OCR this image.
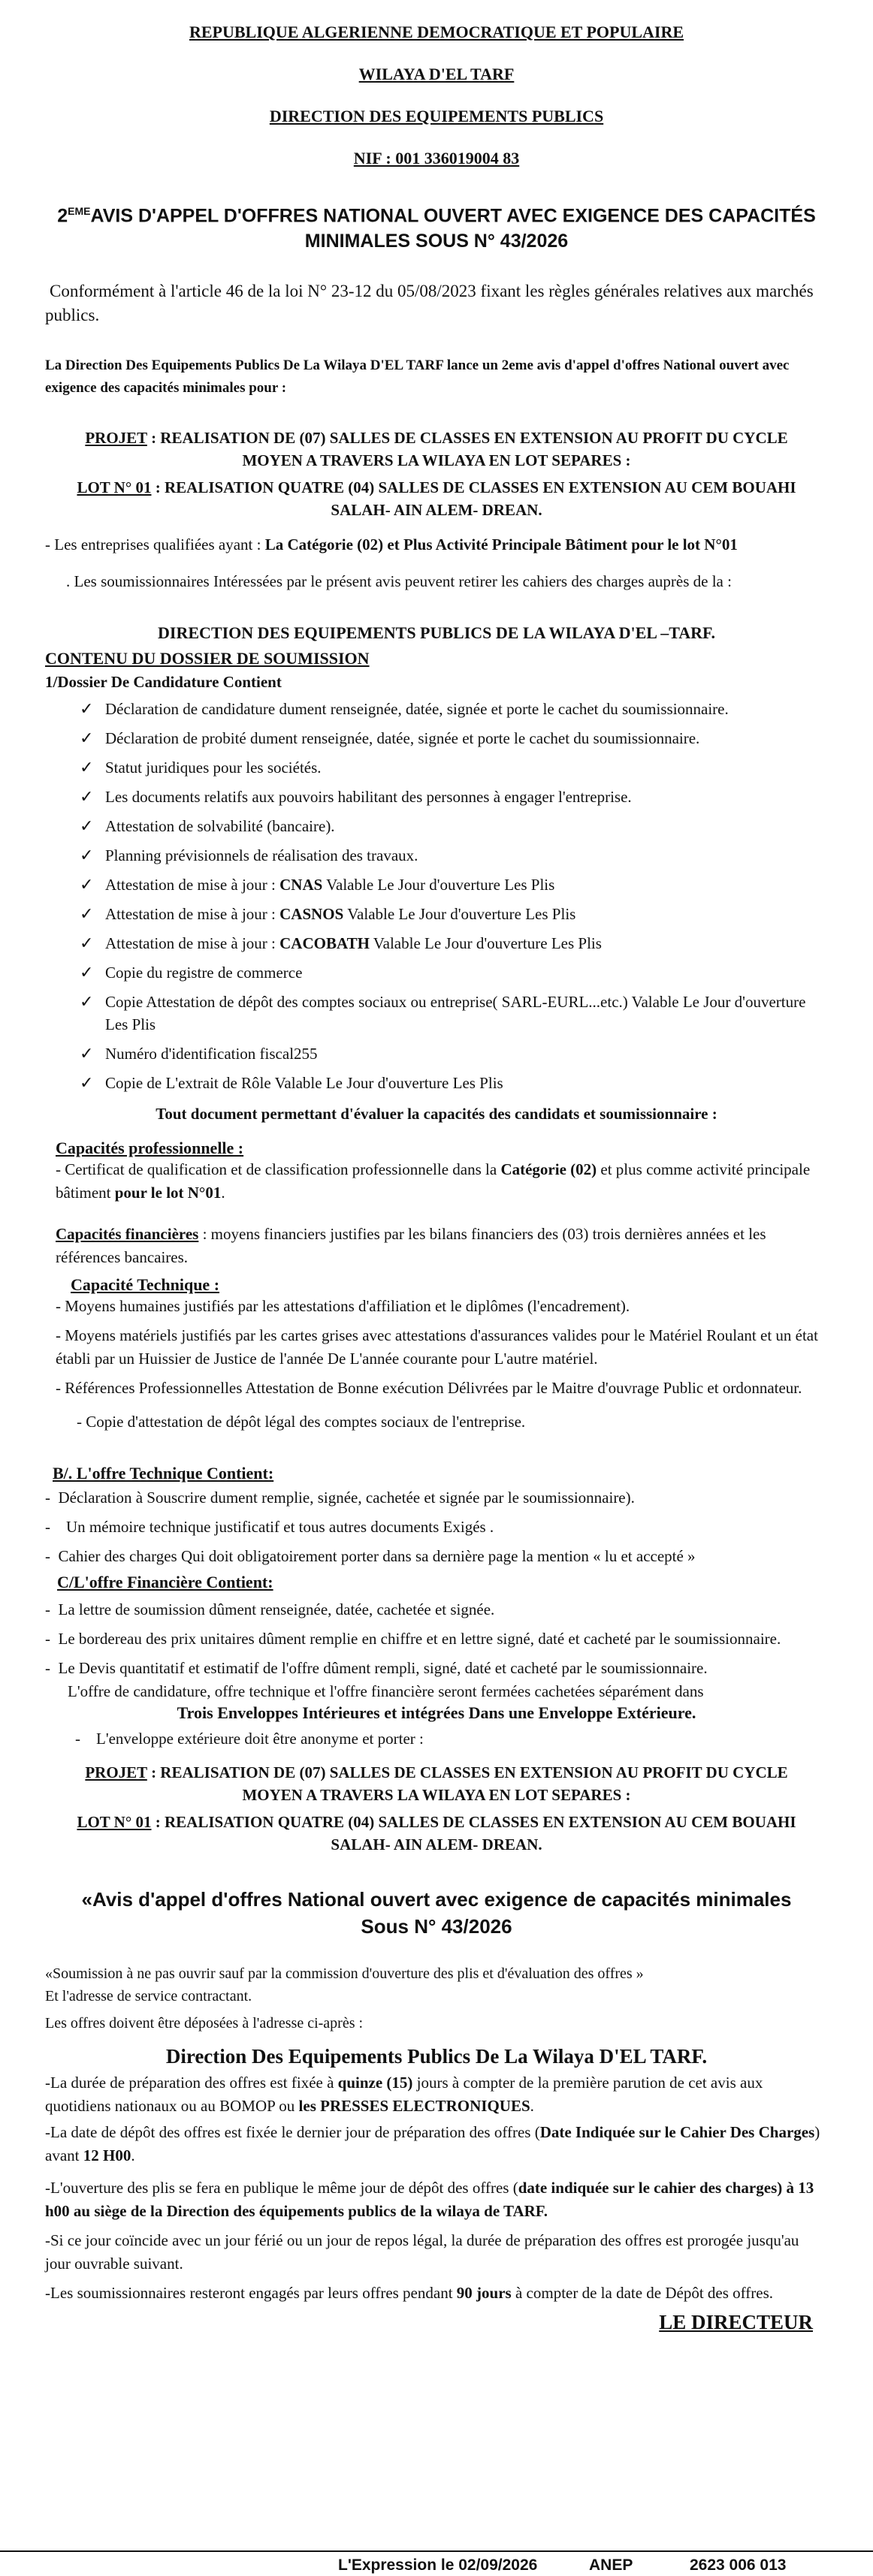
REPUBLIQUE ALGERIENNE DEMOCRATIQUE ET POPULAIRE
WILAYA D'EL TARF
DIRECTION DES EQUIPEMENTS PUBLICS
NIF : 001 336019004 83
2EMEAVIS D'APPEL D'OFFRES NATIONAL OUVERT AVEC EXIGENCE DES CAPACITÉS
MINIMALES SOUS N° 43/2026

Conformément à l'article 46 de la loi N° 23-12 du 05/08/2023 fixant les règles générales relatives aux marchés publics.

La Direction Des Equipements Publics De La Wilaya D'EL TARF lance un 2eme avis d'appel d'offres National ouvert avec exigence des capacités minimales pour :

PROJET : REALISATION DE (07) SALLES DE CLASSES EN EXTENSION AU PROFIT DU CYCLE
MOYEN A TRAVERS LA WILAYA EN LOT SEPARES :
LOT N° 01 : REALISATION QUATRE (04) SALLES DE CLASSES EN EXTENSION AU CEM BOUAHI
SALAH- AIN ALEM- DREAN.

- Les entreprises qualifiées ayant : La Catégorie (02) et Plus Activité Principale Bâtiment pour le lot N°01

. Les soumissionnaires Intéressées par le présent avis peuvent retirer les cahiers des charges auprès de la :

DIRECTION DES EQUIPEMENTS PUBLICS DE LA WILAYA D'EL –TARF.
CONTENU DU DOSSIER DE SOUMISSION
1/Dossier De Candidature Contient
✓ Déclaration de candidature dument renseignée, datée, signée et porte le cachet du soumissionnaire.
✓ Déclaration de probité dument renseignée, datée, signée et porte le cachet du soumissionnaire.
✓ Statut juridiques pour les sociétés.
✓ Les documents relatifs aux pouvoirs habilitant des personnes à engager l'entreprise.
✓ Attestation de solvabilité (bancaire).
✓ Planning prévisionnels de réalisation des travaux.
✓ Attestation de mise à jour : CNAS Valable Le Jour d'ouverture Les Plis
✓ Attestation de mise à jour : CASNOS Valable Le Jour d'ouverture Les Plis
✓ Attestation de mise à jour : CACOBATH Valable Le Jour d'ouverture Les Plis
✓ Copie du registre de commerce
✓ Copie Attestation de dépôt des comptes sociaux ou entreprise( SARL-EURL...etc.) Valable Le Jour d'ouverture Les Plis
✓ Numéro d'identification fiscal255
✓ Copie de L'extrait de Rôle Valable Le Jour d'ouverture Les Plis
Tout document permettant d'évaluer la capacités des candidats et soumissionnaire :
Capacités professionnelle :

- Certificat de qualification et de classification professionnelle dans la Catégorie (02) et plus comme activité principale bâtiment pour le lot N°01.

Capacités financières : moyens financiers justifies par les bilans financiers des (03) trois dernières années et les références bancaires.

Capacité Technique :

- Moyens humaines justifiés par les attestations d'affiliation et le diplômes (l'encadrement).

- Moyens matériels justifiés par les cartes grises avec attestations d'assurances valides pour le Matériel Roulant et un état établi par un Huissier de Justice de l'année De L'année courante pour L'autre matériel.

- Références Professionnelles Attestation de Bonne exécution Délivrées par le Maitre d'ouvrage Public et ordonnateur.

- Copie d'attestation de dépôt légal des comptes sociaux de l'entreprise.

B/. L'offre Technique Contient:

-  Déclaration à Souscrire dument remplie, signée, cachetée et signée par le soumissionnaire).

-    Un mémoire technique justificatif et tous autres documents Exigés .

-  Cahier des charges Qui doit obligatoirement porter dans sa dernière page la mention « lu et accepté »

C/L'offre Financière Contient:

-  La lettre de soumission dûment renseignée, datée, cachetée et signée.

-  Le bordereau des prix unitaires dûment remplie en chiffre et en lettre signé, daté et cacheté par le soumissionnaire.

-  Le Devis quantitatif et estimatif de l'offre dûment rempli, signé, daté et cacheté par le soumissionnaire.

L'offre de candidature, offre technique et l'offre financière seront fermées cachetées séparément dans

Trois Enveloppes Intérieures et intégrées Dans une Enveloppe Extérieure.

-    L'enveloppe extérieure doit être anonyme et porter :

PROJET : REALISATION DE (07) SALLES DE CLASSES EN EXTENSION AU PROFIT DU CYCLE
MOYEN A TRAVERS LA WILAYA EN LOT SEPARES :
LOT N° 01 : REALISATION QUATRE (04) SALLES DE CLASSES EN EXTENSION AU CEM BOUAHI
SALAH- AIN ALEM- DREAN.
«Avis d'appel d'offres National ouvert avec exigence de capacités minimales
Sous N° 43/2026

«Soumission à ne pas ouvrir sauf par la commission d'ouverture des plis et d'évaluation des offres »

Et l'adresse de service contractant.

Les offres doivent être déposées à l'adresse ci-après :

Direction Des Equipements Publics De La Wilaya D'EL TARF.

-La durée de préparation des offres est fixée à quinze (15) jours à compter de la première parution de cet avis aux quotidiens nationaux ou au BOMOP ou les PRESSES ELECTRONIQUES.

-La date de dépôt des offres est fixée le dernier jour de préparation des offres (Date Indiquée sur le Cahier Des Charges) avant 12 H00.

-L'ouverture des plis se fera en publique le même jour de dépôt des offres (date indiquée sur le cahier des charges) à 13 h00 au siège de la Direction des équipements publics de la wilaya de TARF.

-Si ce jour coïncide avec un jour férié ou un jour de repos légal, la durée de préparation des offres est prorogée jusqu'au jour ouvrable suivant.

-Les soumissionnaires resteront engagés par leurs offres pendant 90 jours à compter de la date de Dépôt des offres.

LE DIRECTEUR
L'Expression le 02/09/2026	ANEP	2623 006 013
